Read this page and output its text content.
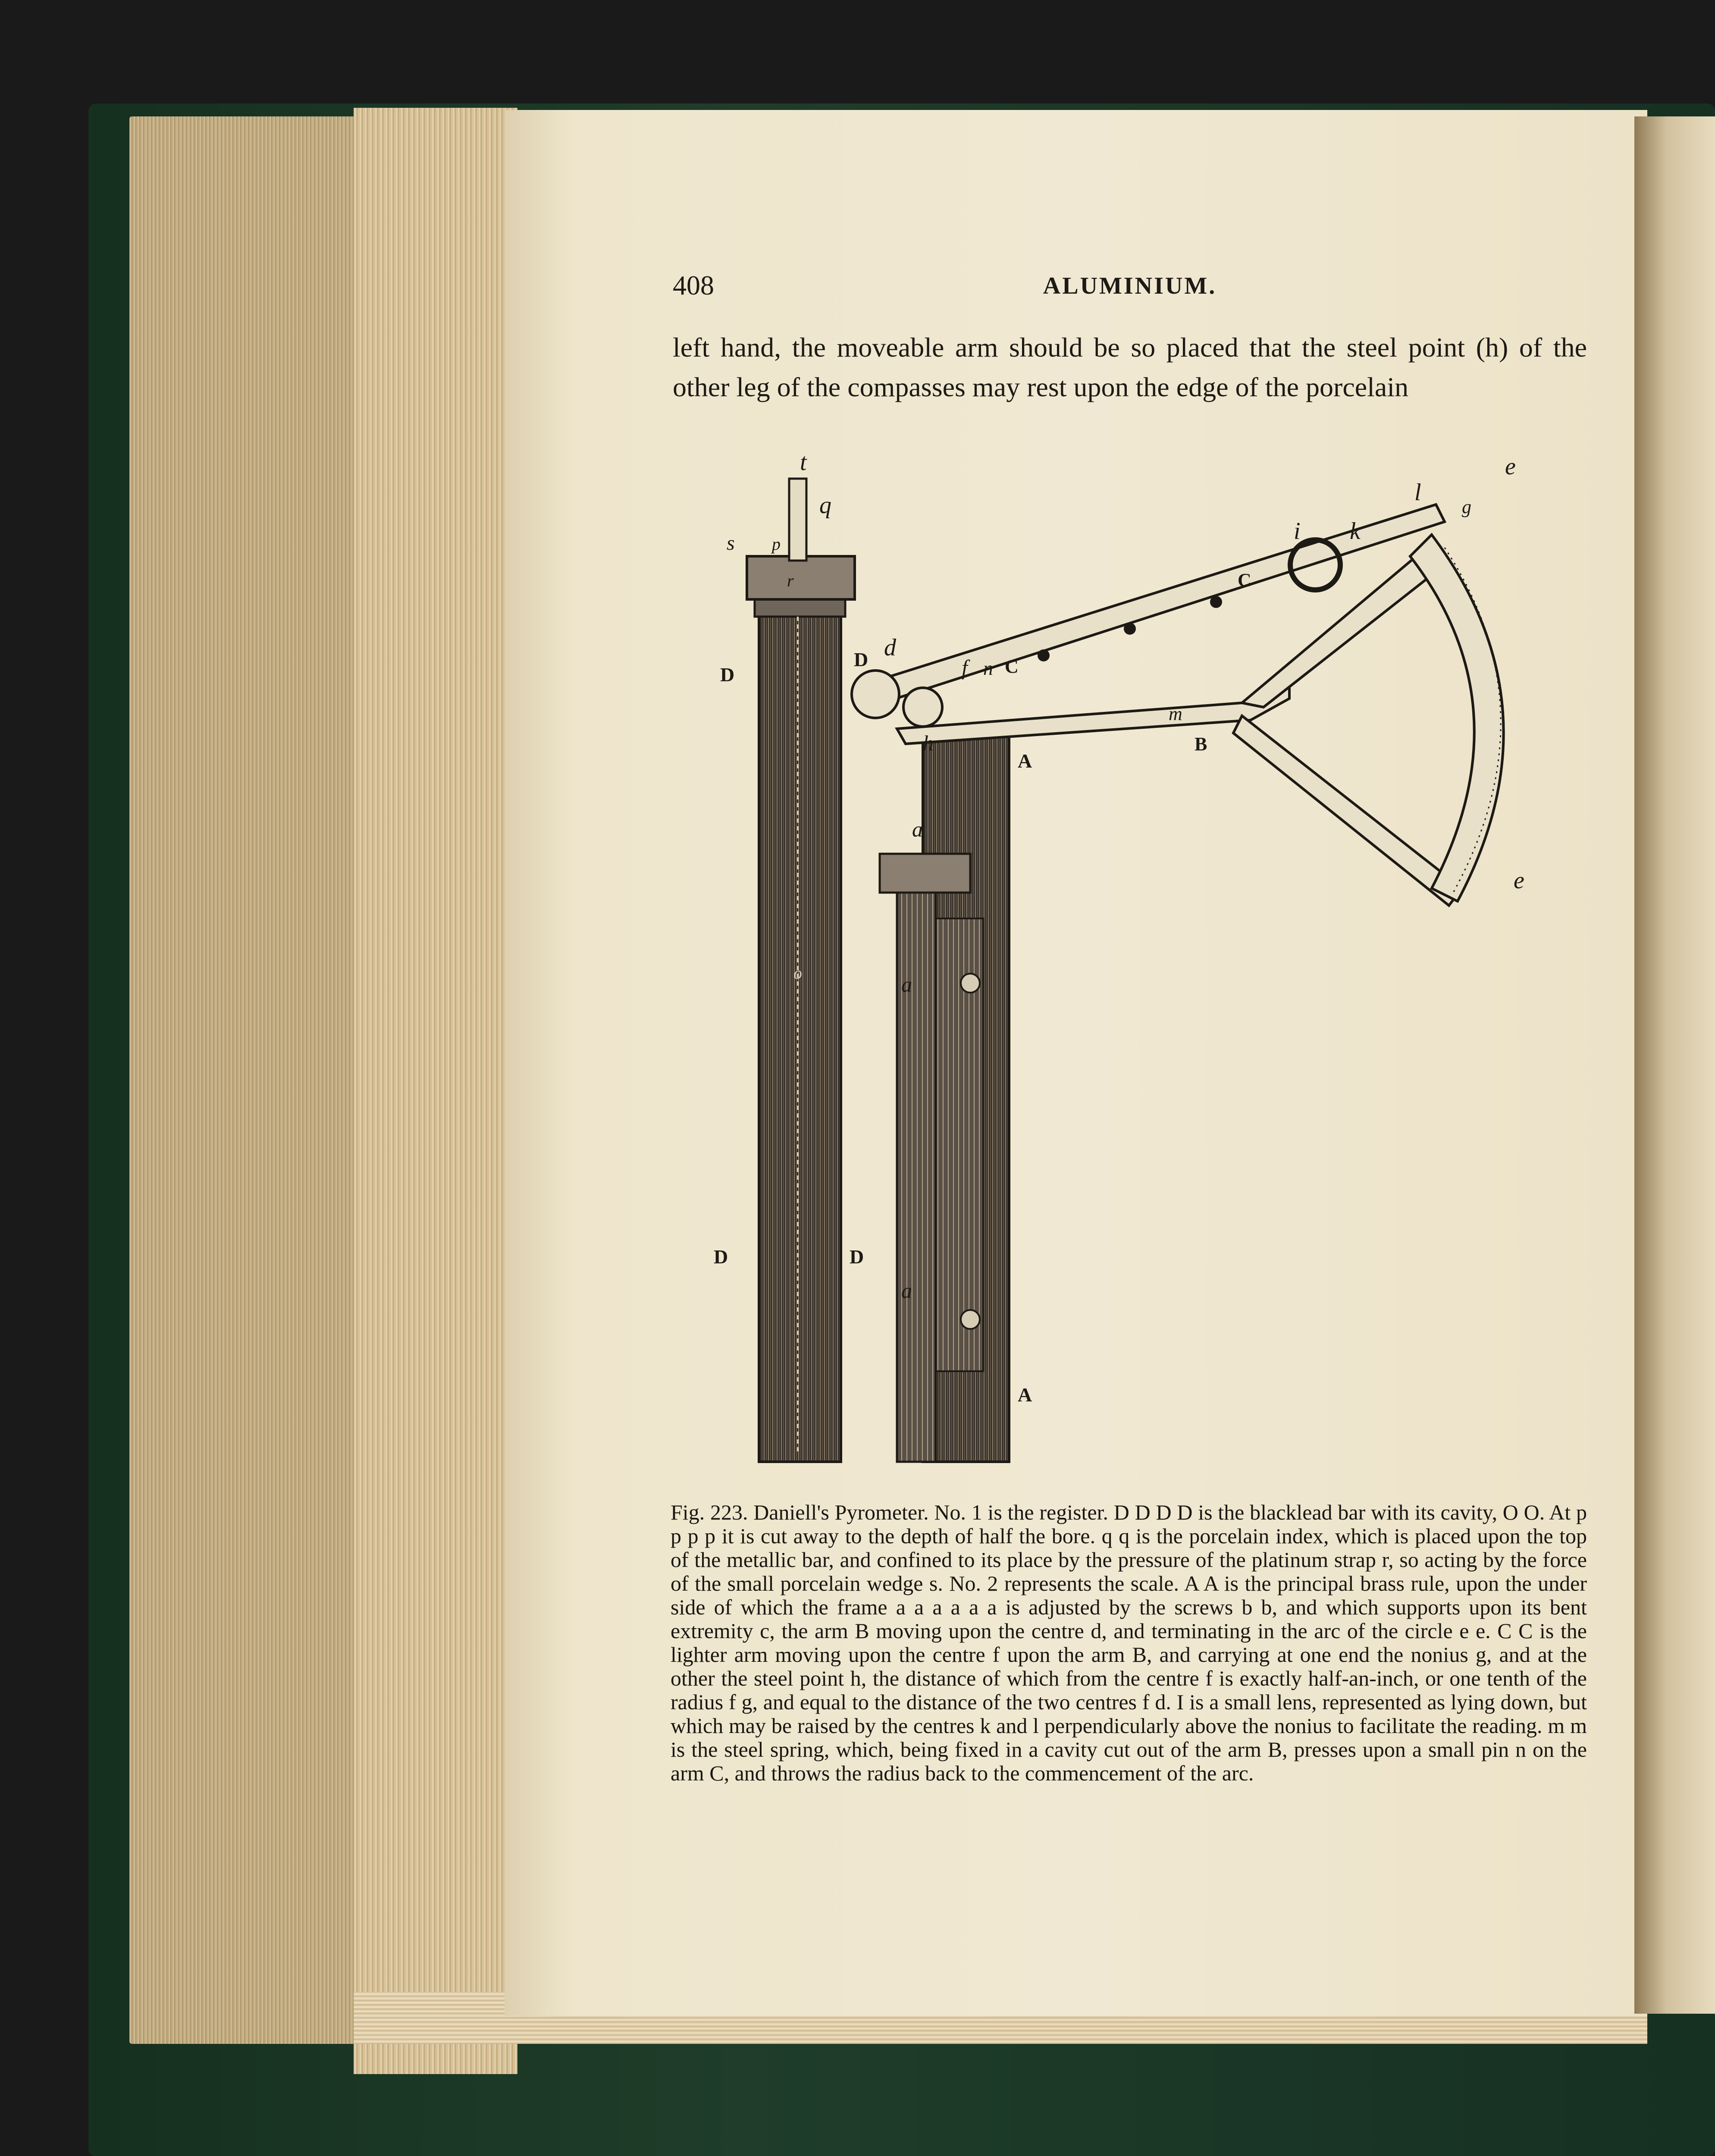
408	ALUMINIUM.
left hand, the moveable arm should be so placed that the steel point (h) of the other leg of the compasses may rest upon the edge of the porcelain
t
q
s p
r
D
D
D	D
o
d
f n C
C
h
A
A
a
a
a
B
m
i k
l
g
e
e
Fig. 223. Daniell's Pyrometer. No. 1 is the register. D D D D is the blacklead bar with its cavity, O O. At p p p p it is cut away to the depth of half the bore. q q is the porcelain index, which is placed upon the top of the metallic bar, and confined to its place by the pressure of the platinum strap r, so acting by the force of the small porcelain wedge s. No. 2 represents the scale. A A is the principal brass rule, upon the under side of which the frame a a a a a a is adjusted by the screws b b, and which supports upon its bent extremity c, the arm B moving upon the centre d, and terminating in the arc of the circle e e. C C is the lighter arm moving upon the centre f upon the arm B, and carrying at one end the nonius g, and at the other the steel point h, the distance of which from the centre f is exactly half-an-inch, or one tenth of the radius f g, and equal to the distance of the two centres f d. I is a small lens, represented as lying down, but which may be raised by the centres k and l perpendicularly above the nonius to facilitate the reading. m m is the steel spring, which, being fixed in a cavity cut out of the arm B, presses upon a small pin n on the arm C, and throws the radius back to the commencement of the arc.
